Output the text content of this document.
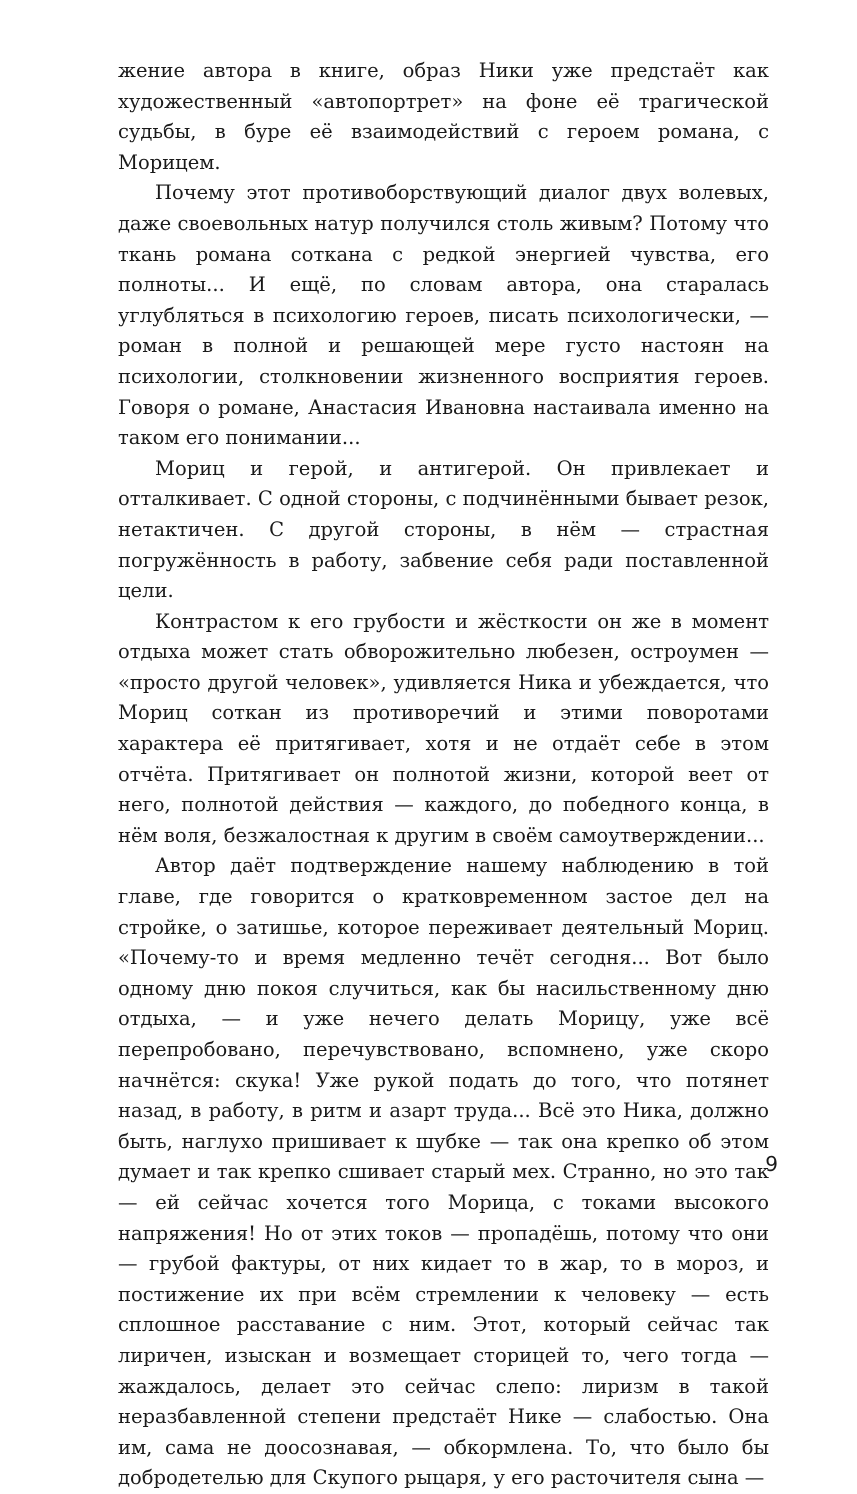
жение автора в книге, образ Ники уже предстаёт как художественный «автопортрет» на фоне её трагической судьбы, в буре её взаимодействий с героем романа, с Морицем.

Почему этот противоборствующий диалог двух волевых, даже своевольных натур получился столь живым? Потому что ткань романа соткана с редкой энергией чувства, его полноты... И ещё, по словам автора, она старалась углубляться в психологию героев, писать психологически, — роман в полной и решающей мере густо настоян на психологии, столкновении жизненного восприятия героев. Говоря о романе, Анастасия Ивановна настаивала именно на таком его понимании...

Мориц и герой, и антигерой. Он привлекает и отталкивает. С одной стороны, с подчинёнными бывает резок, нетактичен. С другой стороны, в нём — страстная погружённость в работу, забвение себя ради поставленной цели.

Контрастом к его грубости и жёсткости он же в момент отдыха может стать обворожительно любезен, остроумен — «просто другой человек», удивляется Ника и убеждается, что Мориц соткан из противоречий и этими поворотами характера её притягивает, хотя и не отдаёт себе в этом отчёта. Притягивает он полнотой жизни, которой веет от него, полнотой действия — каждого, до победного конца, в нём воля, безжалостная к другим в своём самоутверждении...

Автор даёт подтверждение нашему наблюдению в той главе, где говорится о кратковременном застое дел на стройке, о затишье, которое переживает деятельный Мориц. «Почему-то и время медленно течёт сегодня... Вот было одному дню покоя случиться, как бы насильственному дню отдыха, — и уже нечего делать Морицу, уже всё перепробовано, перечувствовано, вспомнено, уже скоро начнётся: скука! Уже рукой подать до того, что потянет назад, в работу, в ритм и азарт труда... Всё это Ника, должно быть, наглухо пришивает к шубке — так она крепко об этом думает и так крепко сшивает старый мех. Странно, но это так — ей сейчас хочется того Морица, с токами высокого напряжения! Но от этих токов — пропадёшь, потому что они — грубой фактуры, от них кидает то в жар, то в мороз, и постижение их при всём стремлении к человеку — есть сплошное расставание с ним. Этот, который сейчас так лиричен, изыскан и возмещает сторицей то, чего тогда — жаждалось, делает это сейчас слепо: лиризм в такой неразбавленной степени предстаёт Нике — слабостью. Она им, сама не доосознавая, — обкормлена. То, что было бы добродетелью для Скупого рыцаря, у его расточителя сына —

9
